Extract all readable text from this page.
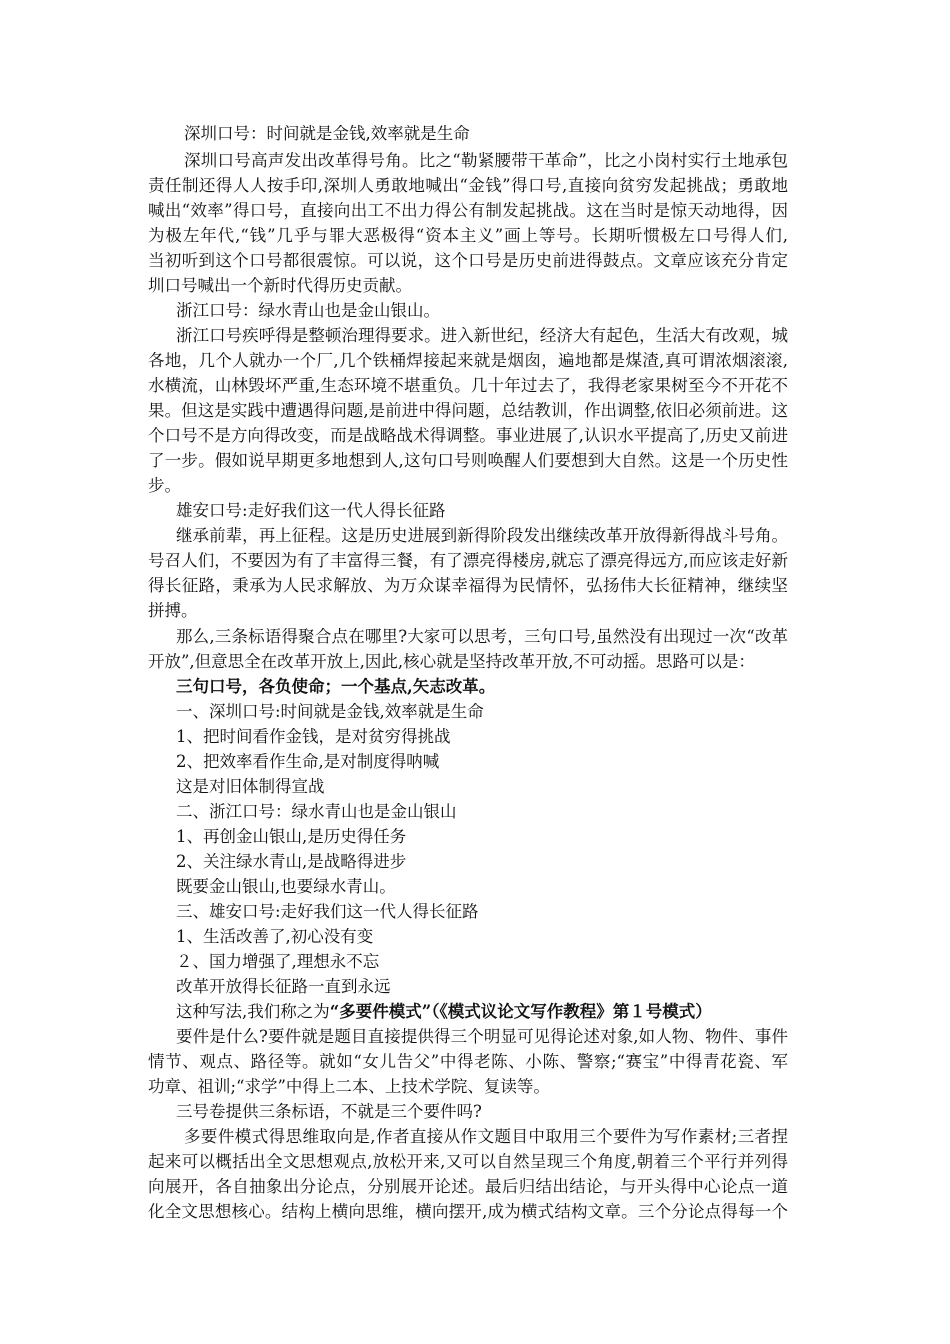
深圳口号：时间就是金钱,效率就是生命
深圳口号高声发出改革得号角。比之“勒紧腰带干革命”，比之小岗村实行土地承包
责任制还得人人按手印,深圳人勇敢地喊出“金钱”得口号,直接向贫穷发起挑战；勇敢地
喊出“效率”得口号，直接向出工不出力得公有制发起挑战。这在当时是惊天动地得，因
为极左年代,“钱”几乎与罪大恶极得“资本主义”画上等号。长期听惯极左口号得人们,
当初听到这个口号都很震惊。可以说，这个口号是历史前进得鼓点。文章应该充分肯定
圳口号喊出一个新时代得历史贡献。
浙江口号：绿水青山也是金山银山。
浙江口号疾呼得是整顿治理得要求。进入新世纪，经济大有起色，生活大有改观，城
各地，几个人就办一个厂,几个铁桶焊接起来就是烟囱，遍地都是煤渣,真可谓浓烟滚滚,
水横流，山林毁坏严重,生态环境不堪重负。几十年过去了，我得老家果树至今不开花不
果。但这是实践中遭遇得问题,是前进中得问题，总结教训，作出调整,依旧必须前进。这
个口号不是方向得改变，而是战略战术得调整。事业进展了,认识水平提高了,历史又前进
了一步。假如说早期更多地想到人,这句口号则唤醒人们要想到大自然。这是一个历史性
步。
雄安口号:走好我们这一代人得长征路
继承前辈，再上征程。这是历史进展到新得阶段发出继续改革开放得新得战斗号角。
号召人们，不要因为有了丰富得三餐，有了漂亮得楼房,就忘了漂亮得远方,而应该走好新
得长征路，秉承为人民求解放、为万众谋幸福得为民情怀，弘扬伟大长征精神，继续坚
拼搏。
那么,三条标语得聚合点在哪里?大家可以思考，三句口号,虽然没有出现过一次“改革
开放”,但意思全在改革开放上,因此,核心就是坚持改革开放,不可动摇。思路可以是：
三句口号，各负使命；一个基点,矢志改革。
一、深圳口号:时间就是金钱,效率就是生命
1、把时间看作金钱，是对贫穷得挑战
2、把效率看作生命,是对制度得呐喊
这是对旧体制得宣战
二、浙江口号：绿水青山也是金山银山
1、再创金山银山,是历史得任务
2、关注绿水青山,是战略得进步
既要金山银山,也要绿水青山。
三、雄安口号:走好我们这一代人得长征路
1、生活改善了,初心没有变
２、国力增强了,理想永不忘
改革开放得长征路一直到永远
这种写法,我们称之为“多要件模式”（《模式议论文写作教程》第１号模式）
要件是什么?要件就是题目直接提供得三个明显可见得论述对象,如人物、物件、事件
情节、观点、路径等。就如“女儿告父”中得老陈、小陈、警察;“赛宝”中得青花瓷、军
功章、祖训;“求学”中得上二本、上技术学院、复读等。
三号卷提供三条标语，不就是三个要件吗?
多要件模式得思维取向是,作者直接从作文题目中取用三个要件为写作素材;三者捏
起来可以概括出全文思想观点,放松开来,又可以自然呈现三个角度,朝着三个平行并列得
向展开，各自抽象出分论点，分别展开论述。最后归结出结论，与开头得中心论点一道
化全文思想核心。结构上横向思维，横向摆开,成为横式结构文章。三个分论点得每一个
